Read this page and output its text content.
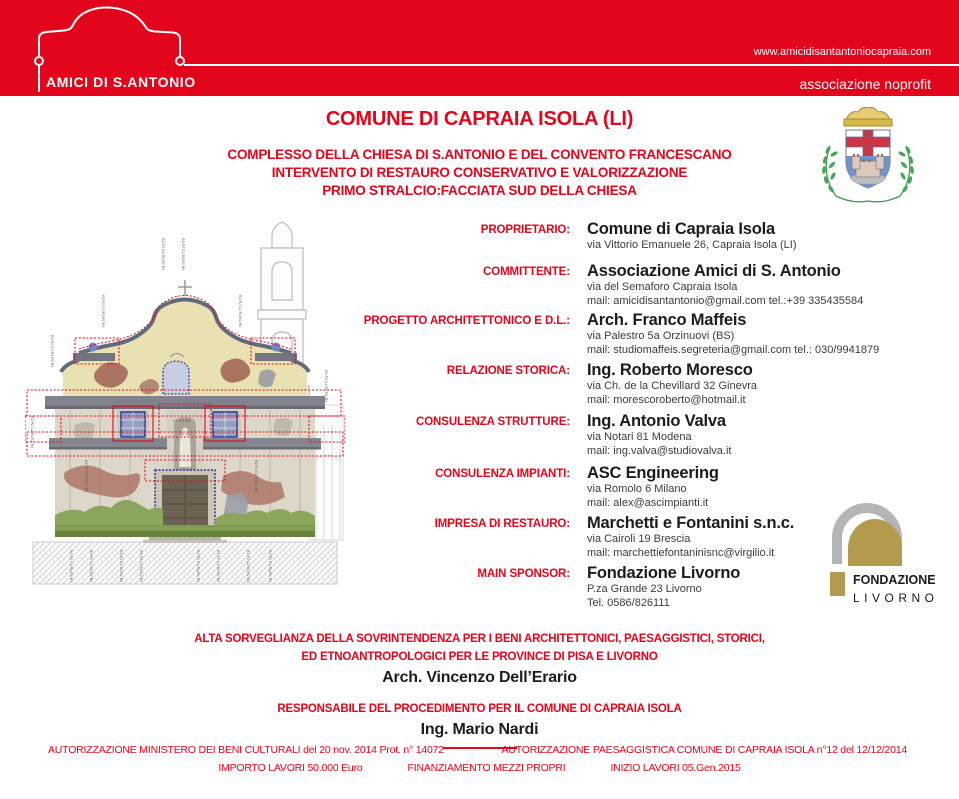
AMICI DI S.ANTONIO
www.amicidisantantoniocapraia.com
associazione noprofit
COMUNE DI CAPRAIA ISOLA (LI)
COMPLESSO DELLA CHIESA DI S.ANTONIO E DEL CONVENTO FRANCESCANO
INTERVENTO DI RESTAURO CONSERVATIVO E VALORIZZAZIONE
PRIMO STRALCIO:FACCIATA SUD DELLA CHIESA
R2 P2 C2 R1 R2 R4
R2 P2 C2 R1 R2 R4
R2 P2 C2 R1 R2 R4	R2 P2 C2 R1 R2 R4
R2 P2 C2 R1 R2 R4
R2 P2 C2 R1 R2 R4
R2 P2 C2 R1 R2 R4
R2 P2 C2 R1 R2 R4	R2 P2 C2 R1 R2 R4
C1 P3 R4
R2 P2 C2 R1 R2 R4	R2 P2 C2 R1 R2 R4	R2 P2 C2 R1 R2 R4	R2 P2 C2 R1 R2 R4	R2 P2 C2 R1 R2 R4	R2 P2 C2 R1 R2 R4	R2 P2 C2 R1 R2 R4	R2 P2 C2 R1 R2 R4
PROPRIETARIO: Comune di Capraia Isola
via Vittorio Emanuele 26, Capraia Isola (LI)
COMMITTENTE: Associazione Amici di S. Antonio
via del Semaforo Capraia Isola
mail: amicidisantantonio@gmail.com tel.:+39 335435584
PROGETTO ARCHITETTONICO E D.L.: Arch. Franco Maffeis
via Palestro 5a Orzinuovi (BS)
mail: studiomaffeis.segreteria@gmail.com tel.: 030/9941879
RELAZIONE STORICA: Ing. Roberto Moresco
via Ch. de la Chevillard 32 Ginevra
mail: morescoroberto@hotmail.it
CONSULENZA STRUTTURE: Ing. Antonio Valva
via Notari 81 Modena
mail: ing.valva@studiovalva.it
CONSULENZA IMPIANTI: ASC Engineering
via Romolo 6 Milano
mail: alex@ascimpianti.it
IMPRESA DI RESTAURO: Marchetti e Fontanini s.n.c.
via Cairoli 19 Brescia
mail: marchettiefontaninisnc@virgilio.it
MAIN SPONSOR: Fondazione Livorno
P.za Grande 23 Livorno
Tel. 0586/826111
FONDAZIONE
LIVORNO
ALTA SORVEGLIANZA DELLA SOVRINTENDENZA PER I BENI ARCHITETTONICI, PAESAGGISTICI, STORICI,
ED ETNOANTROPOLOGICI PER LE PROVINCE DI PISA E LIVORNO
Arch. Vincenzo Dell’Erario
RESPONSABILE DEL PROCEDIMENTO PER IL COMUNE DI CAPRAIA ISOLA
Ing. Mario Nardi
AUTORIZZAZIONE MINISTERO DEI BENI CULTURALI del 20 nov. 2014 Prot. n° 14072	AUTORIZZAZIONE PAESAGGISTICA COMUNE DI CAPRAIA ISOLA n°12 del 12/12/2014
IMPORTO LAVORI 50.000 Euro	FINANZIAMENTO MEZZI PROPRI	INIZIO LAVORI 05.Gen.2015
